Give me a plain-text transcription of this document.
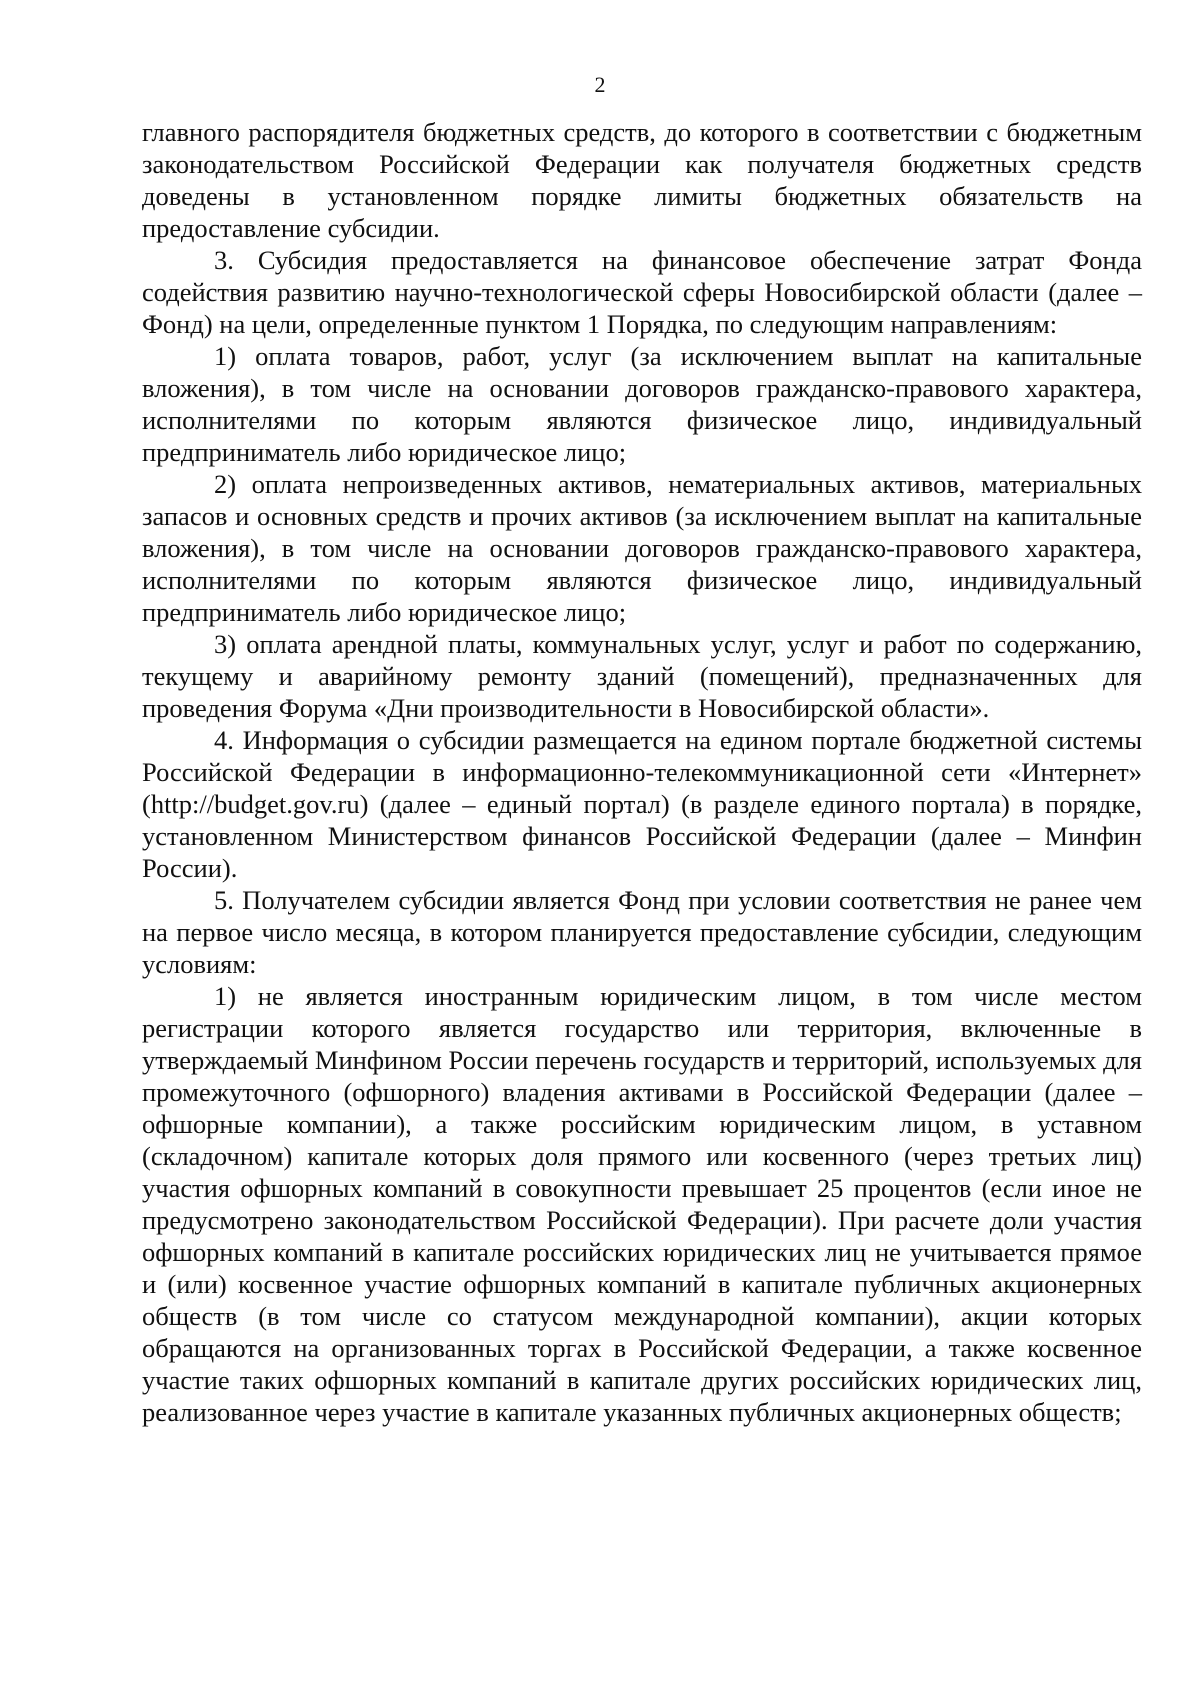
2

главного распорядителя бюджетных средств, до которого в соответствии с бюджетным законодательством Российской Федерации как получателя бюджетных средств доведены в установленном порядке лимиты бюджетных обязательств на предоставление субсидии.

3. Субсидия предоставляется на финансовое обеспечение затрат Фонда содействия развитию научно-технологической сферы Новосибирской области (далее – Фонд) на цели, определенные пунктом 1 Порядка, по следующим направлениям:

1) оплата товаров, работ, услуг (за исключением выплат на капитальные вложения), в том числе на основании договоров гражданско-правового характера, исполнителями по которым являются физическое лицо, индивидуальный предприниматель либо юридическое лицо;

2) оплата непроизведенных активов, нематериальных активов, материальных запасов и основных средств и прочих активов (за исключением выплат на капитальные вложения), в том числе на основании договоров гражданско-правового характера, исполнителями по которым являются физическое лицо, индивидуальный предприниматель либо юридическое лицо;

3) оплата арендной платы, коммунальных услуг, услуг и работ по содержанию, текущему и аварийному ремонту зданий (помещений), предназначенных для проведения Форума «Дни производительности в Новосибирской области».

4. Информация о субсидии размещается на едином портале бюджетной системы Российской Федерации в информационно-телекоммуникационной сети «Интернет» (http://budget.gov.ru) (далее – единый портал) (в разделе единого портала) в порядке, установленном Министерством финансов Российской Федерации (далее – Минфин России).

5. Получателем субсидии является Фонд при условии соответствия не ранее чем на первое число месяца, в котором планируется предоставление субсидии, следующим условиям:

1) не является иностранным юридическим лицом, в том числе местом регистрации которого является государство или территория, включенные в утверждаемый Минфином России перечень государств и территорий, используемых для промежуточного (офшорного) владения активами в Российской Федерации (далее – офшорные компании), а также российским юридическим лицом, в уставном (складочном) капитале которых доля прямого или косвенного (через третьих лиц) участия офшорных компаний в совокупности превышает 25 процентов (если иное не предусмотрено законодательством Российской Федерации). При расчете доли участия офшорных компаний в капитале российских юридических лиц не учитывается прямое и (или) косвенное участие офшорных компаний в капитале публичных акционерных обществ (в том числе со статусом международной компании), акции которых обращаются на организованных торгах в Российской Федерации, а также косвенное участие таких офшорных компаний в капитале других российских юридических лиц, реализованное через участие в капитале указанных публичных акционерных обществ;
